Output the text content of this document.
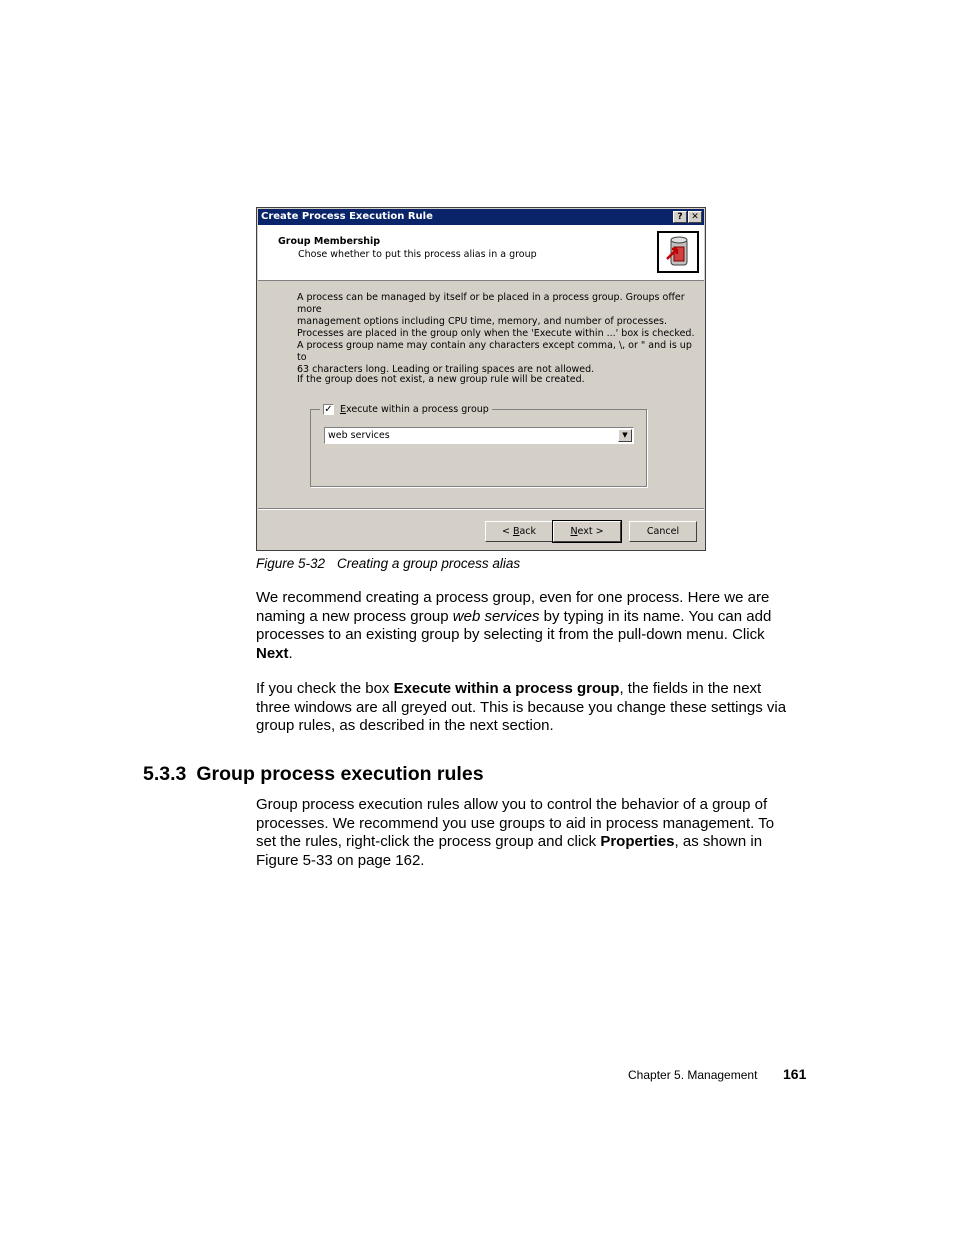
Create Process Execution Rule	? ✕
Group Membership
Chose whether to put this process alias in a group
A process can be managed by itself or be placed in a process group. Groups offer more
management options including CPU time, memory, and number of processes.
Processes are placed in the group only when the 'Execute within ...' box is checked.
A process group name may contain any characters except comma, \, or " and is up to
63 characters long. Leading or trailing spaces are not allowed.
If the group does not exist, a new group rule will be created.
✓ Execute within a process group
web services	▼
< Back	Next >	Cancel
Figure 5-32 Creating a group process alias
We recommend creating a process group, even for one process. Here we are
naming a new process group web services by typing in its name. You can add
processes to an existing group by selecting it from the pull-down menu. Click
Next.
If you check the box Execute within a process group, the fields in the next
three windows are all greyed out. This is because you change these settings via
group rules, as described in the next section.
5.3.3 Group process execution rules
Group process execution rules allow you to control the behavior of a group of
processes. We recommend you use groups to aid in process management. To
set the rules, right-click the process group and click Properties, as shown in
Figure 5-33 on page 162.
Chapter 5. Management 161
